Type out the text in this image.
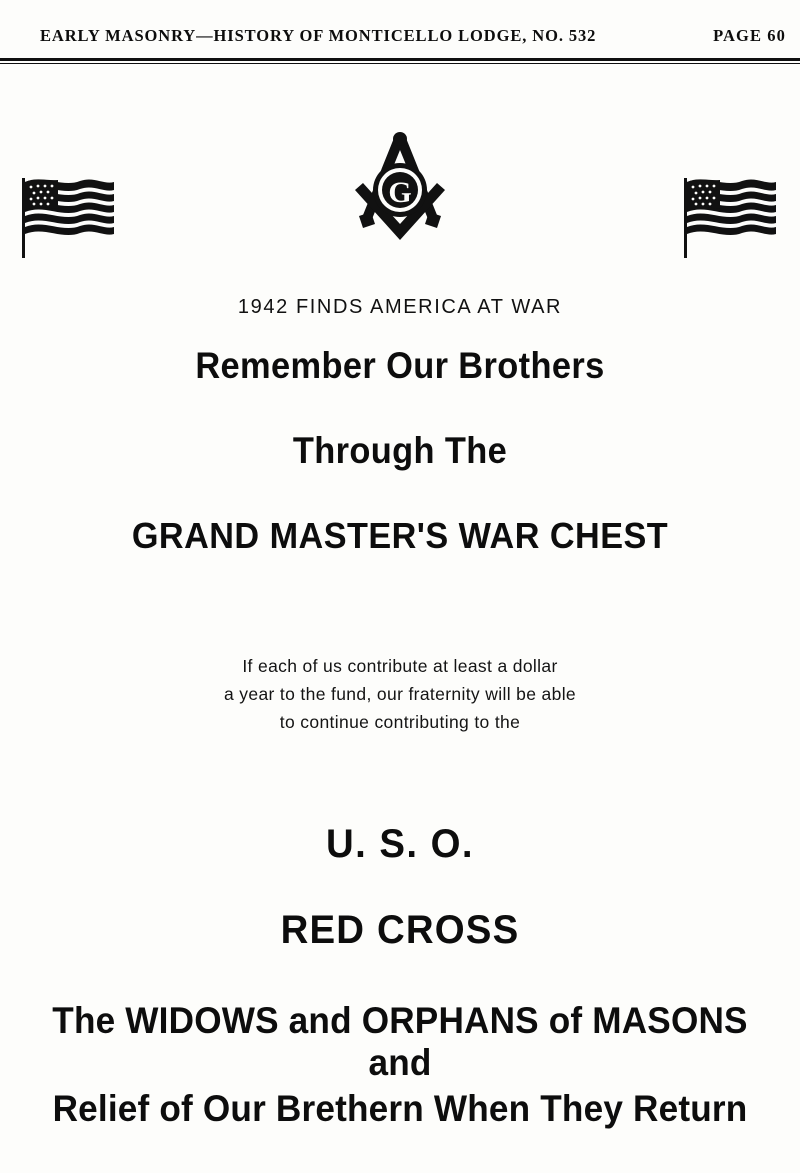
EARLY MASONRY—HISTORY OF MONTICELLO LODGE, NO. 532	PAGE 60
G
1942 FINDS AMERICA AT WAR
Remember Our Brothers
Through The
GRAND MASTER'S WAR CHEST
If each of us contribute at least a dollar
a year to the fund, our fraternity will be able
to continue contributing to the
U. S. O.
RED CROSS
The WIDOWS and ORPHANS of MASONS and
Relief of Our Brethern When They Return
